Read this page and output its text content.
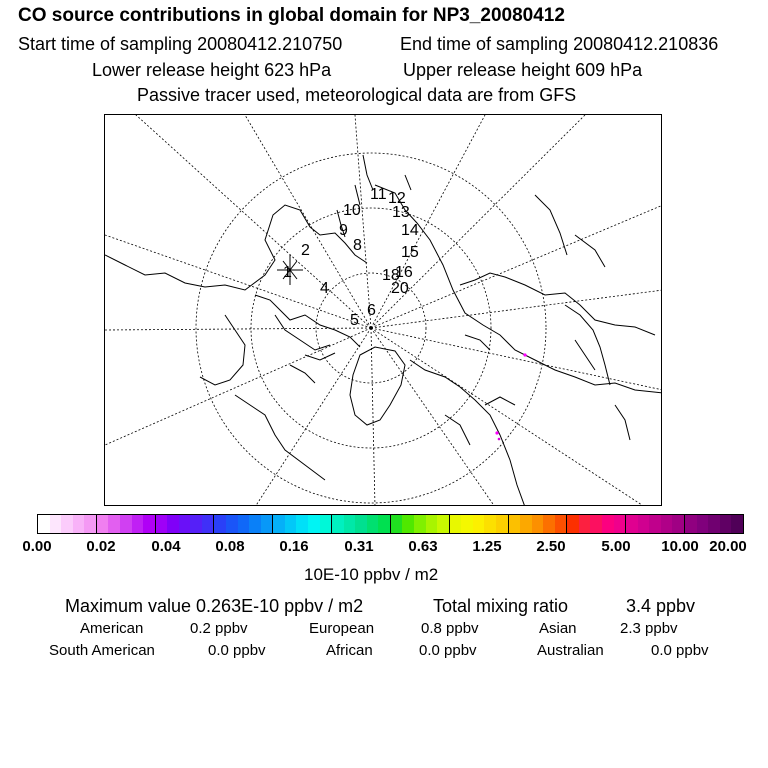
CO source contributions in global domain for NP3_20080412
Start time of sampling 20080412.210750	End time of sampling 20080412.210836
Lower release height 623 hPa	Upper release height 609 hPa
Passive tracer used, meteorological data are from GFS
1
2
4
5
6
8
9
10
11 12
13
14
15
16
18
20
0.00 0.02 0.04 0.08 0.16 0.31 0.63 1.25 2.50 5.00 10.00 20.00
10E-10 ppbv / m2
Maximum value 0.263E-10 ppbv / m2	Total mixing ratio	3.4 ppbv
American	0.2 ppbv	European	0.8 ppbv	Asian	2.3 ppbv
South American	0.0 ppbv	African	0.0 ppbv	Australian	0.0 ppbv
